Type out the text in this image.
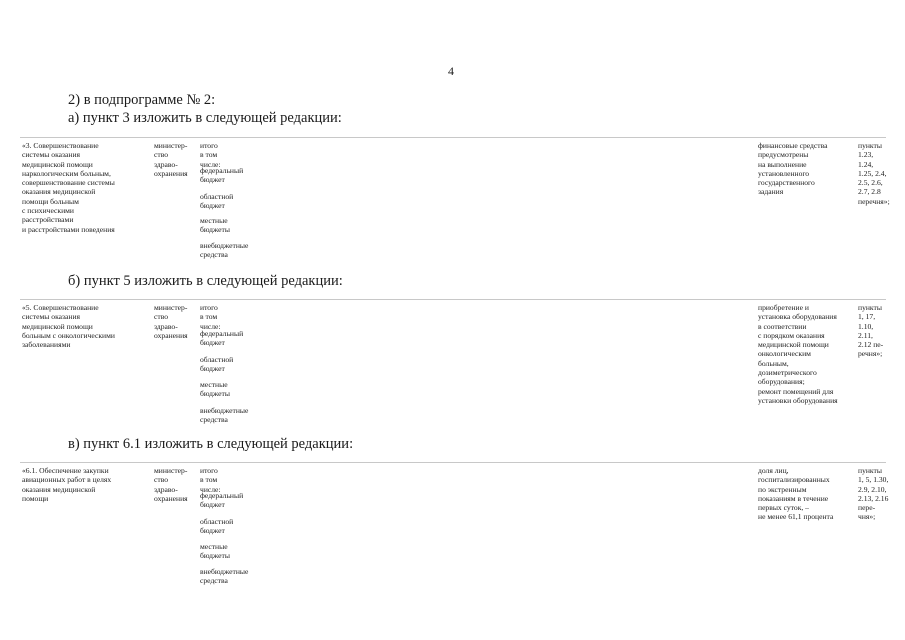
4
2) в подпрограмме № 2:
а) пункт 3 изложить в следующей редакции:
«3. Совершенствование
системы оказания
медицинской помощи
наркологическим больным,
совершенствование системы
оказания медицинской
помощи больным
с психическими
расстройствами
и расстройствами поведения
министер-
ство
здраво-
охранения
итого
в том числе:
федеральный
бюджет
областной
бюджет
местные
бюджеты
внебюджетные
средства
финансовые средства
предусмотрены
на выполнение
установленного
государственного
задания
пункты
1.23,
1.24,
1.25, 2.4,
2.5, 2.6,
2.7, 2.8
перечня»;
б) пункт 5 изложить в следующей редакции:
«5. Совершенствование
системы оказания
медицинской помощи
больным с онкологическими
заболеваниями
министер-
ство
здраво-
охранения
итого
в том числе:
федеральный
бюджет
областной
бюджет
местные
бюджеты
внебюджетные
средства
приобретение и
установка оборудования
в соответствии
с порядком оказания
медицинской помощи
онкологическим
больным,
дозиметрического
оборудования;
ремонт помещений для
установки оборудования
пункты
1, 17,
1.10,
2.11,
2.12 пе-
речня»;
в) пункт 6.1 изложить в следующей редакции:
«6.1. Обеспечение закупки
авиационных работ в целях
оказания медицинской
помощи
министер-
ство
здраво-
охранения
итого
в том числе:
федеральный
бюджет
областной
бюджет
местные
бюджеты
внебюджетные
средства
доля лиц,
госпитализированных
по экстренным
показаниям в течение
первых суток, –
не менее 61,1 процента
пункты
1, 5, 1.30,
2.9, 2.10,
2.13, 2.16
пере-
чня»;
